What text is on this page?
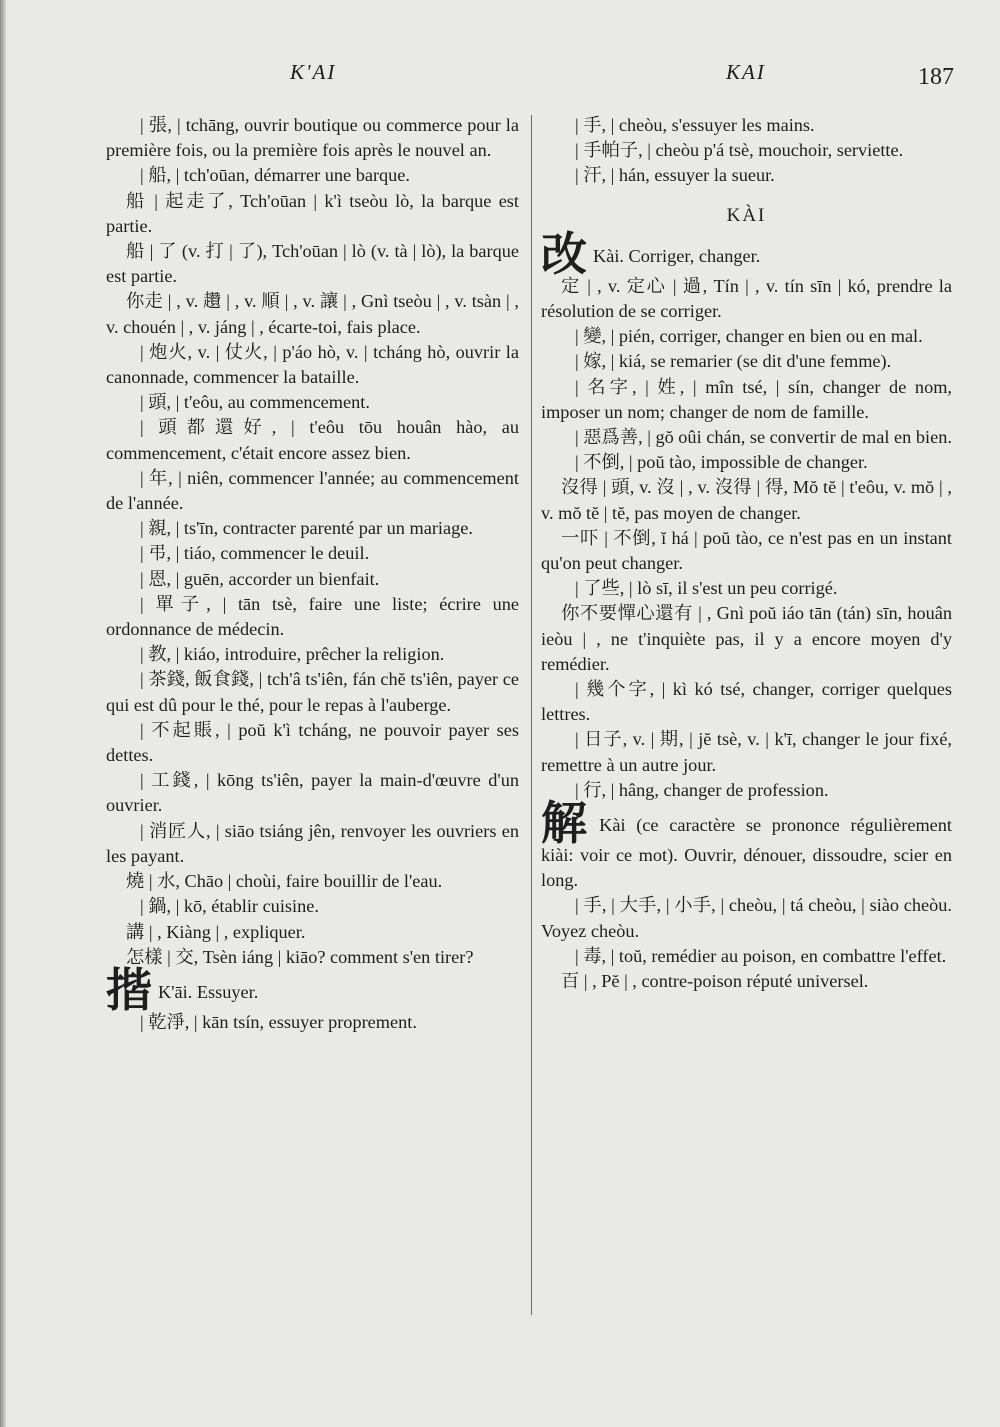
K'AI	KAI	187

| 張, | tchāng, ouvrir boutique ou commerce pour la première fois, ou la première fois après le nouvel an.

| 船, | tch'oūan, démarrer une barque.

船 | 起走了, Tch'oūan | k'ì tseòu lò, la barque est partie.

船 | 了 (v. 打 | 了), Tch'oūan | lò (v. tà | lò), la barque est partie.

你走 | , v. 趲 | , v. 順 | , v. 讓 | , Gnì tseòu | , v. tsàn | , v. chouén | , v. jáng | , écarte-toi, fais place.

| 炮火, v. | 仗火, | p'áo hò, v. | tcháng hò, ouvrir la canonnade, commencer la bataille.

| 頭, | t'eôu, au commencement.

| 頭都還好, | t'eôu tōu houân hào, au commencement, c'était encore assez bien.

| 年, | niên, commencer l'année; au commencement de l'année.

| 親, | ts'īn, contracter parenté par un mariage.

| 弔, | tiáo, commencer le deuil.

| 恩, | guēn, accorder un bienfait.

| 單子, | tān tsè, faire une liste; écrire une ordonnance de médecin.

| 教, | kiáo, introduire, prêcher la religion.

| 茶錢, 飯食錢, | tch'â ts'iên, fán chĕ ts'iên, payer ce qui est dû pour le thé, pour le repas à l'auberge.

| 不起賬, | poŭ k'ì tcháng, ne pouvoir payer ses dettes.

| 工錢, | kōng ts'iên, payer la main-d'œuvre d'un ouvrier.

| 消匠人, | siāo tsiáng jên, renvoyer les ouvriers en les payant.

燒 | 水, Chāo | choùi, faire bouillir de l'eau.

| 鍋, | kō, établir cuisine.

講 | , Kiàng | , expliquer.

怎樣 | 交, Tsèn iáng | kiāo? comment s'en tirer?

揩 K'āi. Essuyer.

| 乾淨, | kān tsín, essuyer proprement.

| 手, | cheòu, s'essuyer les mains.

| 手帕子, | cheòu p'á tsè, mouchoir, serviette.

| 汗, | hán, essuyer la sueur.

KÀI

改 Kài. Corriger, changer.

定 | , v. 定心 | 過, Tín | , v. tín sīn | kó, prendre la résolution de se corriger.

| 變, | pién, corriger, changer en bien ou en mal.

| 嫁, | kiá, se remarier (se dit d'une femme).

| 名字, | 姓, | mîn tsé, | sín, changer de nom, imposer un nom; changer de nom de famille.

| 惡爲善, | gŏ oûi chán, se convertir de mal en bien.

| 不倒, | poŭ tào, impossible de changer.

沒得 | 頭, v. 沒 | , v. 沒得 | 得, Mŏ tĕ | t'eôu, v. mŏ | , v. mŏ tĕ | tĕ, pas moyen de changer.

一吓 | 不倒, ĭ há | poŭ tào, ce n'est pas en un instant qu'on peut changer.

| 了些, | lò sī, il s'est un peu corrigé.

你不要憚心還有 | , Gnì poŭ iáo tān (tán) sīn, houân ieòu | , ne t'inquiète pas, il y a encore moyen d'y remédier.

| 幾个字, | kì kó tsé, changer, corriger quelques lettres.

| 日子, v. | 期, | jĕ tsè, v. | k'ī, changer le jour fixé, remettre à un autre jour.

| 行, | hâng, changer de profession.

解 Kài (ce caractère se prononce régulièrement kiài: voir ce mot). Ouvrir, dénouer, dissoudre, scier en long.

| 手, | 大手, | 小手, | cheòu, | tá cheòu, | siào cheòu. Voyez cheòu.

| 毒, | toŭ, remédier au poison, en combattre l'effet.

百 | , Pĕ | , contre-poison réputé universel.
